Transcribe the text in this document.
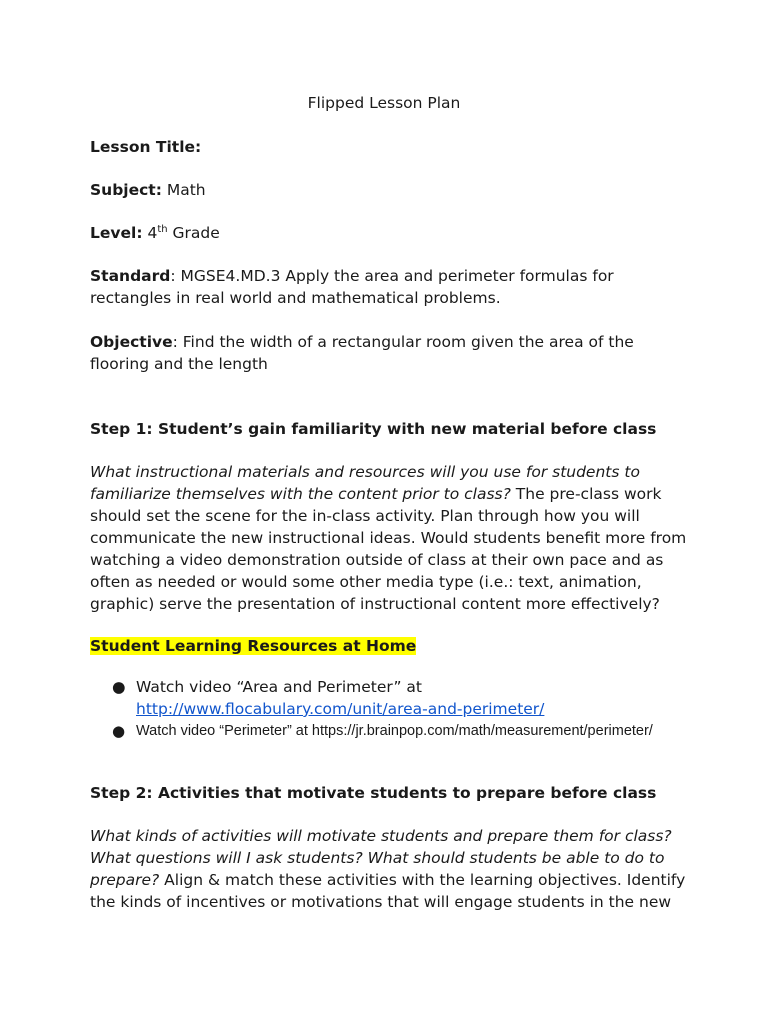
Flipped Lesson Plan

Lesson Title:

Subject: Math

Level: 4th Grade

Standard: MGSE4.MD.3 Apply the area and perimeter formulas for rectangles in real world and mathematical problems.

Objective: Find the width of a rectangular room given the area of the flooring and the length

Step 1: Student’s gain familiarity with new material before class

What instructional materials and resources will you use for students to familiarize themselves with the content prior to class? The pre-class work should set the scene for the in-class activity. Plan through how you will communicate the new instructional ideas. Would students benefit more from watching a video demonstration outside of class at their own pace and as often as needed or would some other media type (i.e.: text, animation, graphic) serve the presentation of instructional content more effectively?

Student Learning Resources at Home

● Watch video “Area and Perimeter” at
http://www.flocabulary.com/unit/area-and-perimeter/
● Watch video “Perimeter” at https://jr.brainpop.com/math/measurement/perimeter/

Step 2: Activities that motivate students to prepare before class

What kinds of activities will motivate students and prepare them for class? What questions will I ask students? What should students be able to do to prepare? Align & match these activities with the learning objectives. Identify the kinds of incentives or motivations that will engage students in the new
